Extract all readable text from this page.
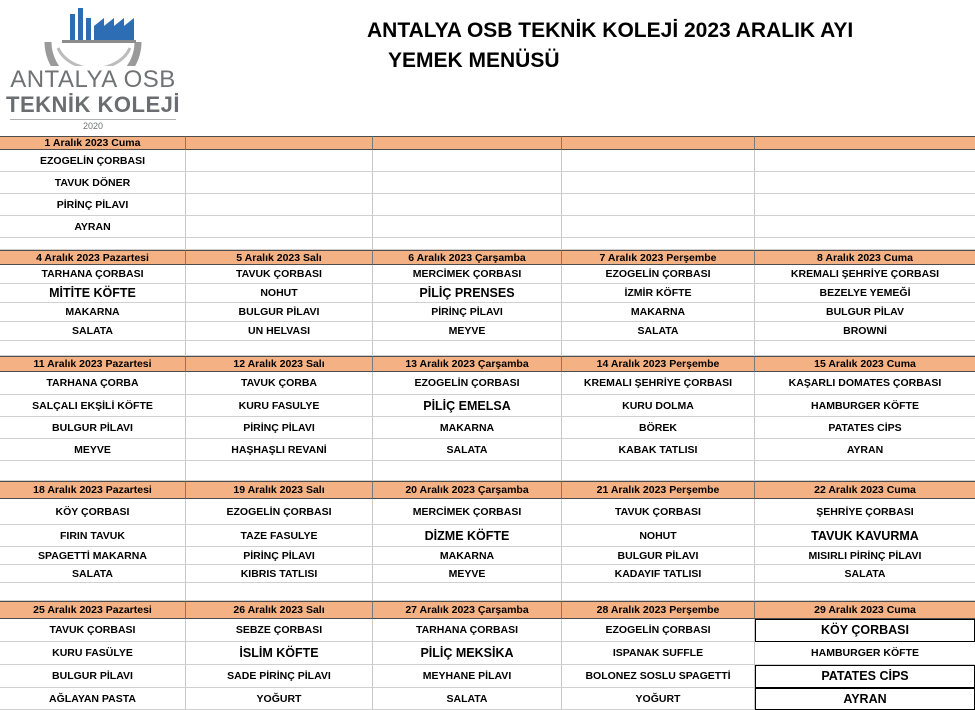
ANTALYA OSB
TEKNİK KOLEJİ
2020
ANTALYA OSB TEKNİK KOLEJİ 2023 ARALIK AYI
YEMEK MENÜSÜ
1 Aralık 2023 Cuma
EZOGELİN ÇORBASI
TAVUK DÖNER
PİRİNÇ PİLAVI
AYRAN
4 Aralık 2023 Pazartesi	5 Aralık 2023 Salı	6 Aralık 2023 Çarşamba	7 Aralık 2023 Perşembe	8 Aralık 2023 Cuma
TARHANA ÇORBASI	TAVUK ÇORBASI	MERCİMEK ÇORBASI	EZOGELİN ÇORBASI	KREMALI ŞEHRİYE ÇORBASI
MİTİTE KÖFTE	NOHUT	PİLİÇ PRENSES	İZMİR KÖFTE	BEZELYE YEMEĞİ
MAKARNA	BULGUR PİLAVI	PİRİNÇ PİLAVI	MAKARNA	BULGUR PİLAV
SALATA	UN HELVASI	MEYVE	SALATA	BROWNİ
11 Aralık 2023 Pazartesi	12 Aralık 2023 Salı	13 Aralık 2023 Çarşamba	14 Aralık 2023 Perşembe	15 Aralık 2023 Cuma
TARHANA ÇORBA	TAVUK ÇORBA	EZOGELİN ÇORBASI	KREMALI ŞEHRİYE ÇORBASI	KAŞARLI DOMATES ÇORBASI
SALÇALI EKŞİLİ KÖFTE	KURU FASULYE	PİLİÇ EMELSA	KURU DOLMA	HAMBURGER KÖFTE
BULGUR PİLAVI	PİRİNÇ PİLAVI	MAKARNA	BÖREK	PATATES CİPS
MEYVE	HAŞHAŞLI REVANİ	SALATA	KABAK TATLISI	AYRAN
18 Aralık 2023 Pazartesi	19 Aralık 2023 Salı	20 Aralık 2023 Çarşamba	21 Aralık 2023 Perşembe	22 Aralık 2023 Cuma
KÖY ÇORBASI	EZOGELİN ÇORBASI	MERCİMEK ÇORBASI	TAVUK ÇORBASI	ŞEHRİYE ÇORBASI
FIRIN TAVUK	TAZE FASULYE	DİZME KÖFTE	NOHUT	TAVUK KAVURMA
SPAGETTİ MAKARNA	PİRİNÇ PİLAVI	MAKARNA	BULGUR PİLAVI	MISIRLI PİRİNÇ PİLAVI
SALATA	KIBRIS TATLISI	MEYVE	KADAYIF TATLISI	SALATA
25 Aralık 2023 Pazartesi	26 Aralık 2023 Salı	27 Aralık 2023 Çarşamba	28 Aralık 2023 Perşembe	29 Aralık 2023 Cuma
TAVUK ÇORBASI	SEBZE ÇORBASI	TARHANA ÇORBASI	EZOGELİN ÇORBASI	KÖY ÇORBASI
KURU FASÜLYE	İSLİM KÖFTE	PİLİÇ MEKSİKA	ISPANAK SUFFLE	HAMBURGER KÖFTE
BULGUR PİLAVI	SADE PİRİNÇ PİLAVI	MEYHANE PİLAVI	BOLONEZ SOSLU SPAGETTİ	PATATES CİPS
AĞLAYAN PASTA	YOĞURT	SALATA	YOĞURT	AYRAN
